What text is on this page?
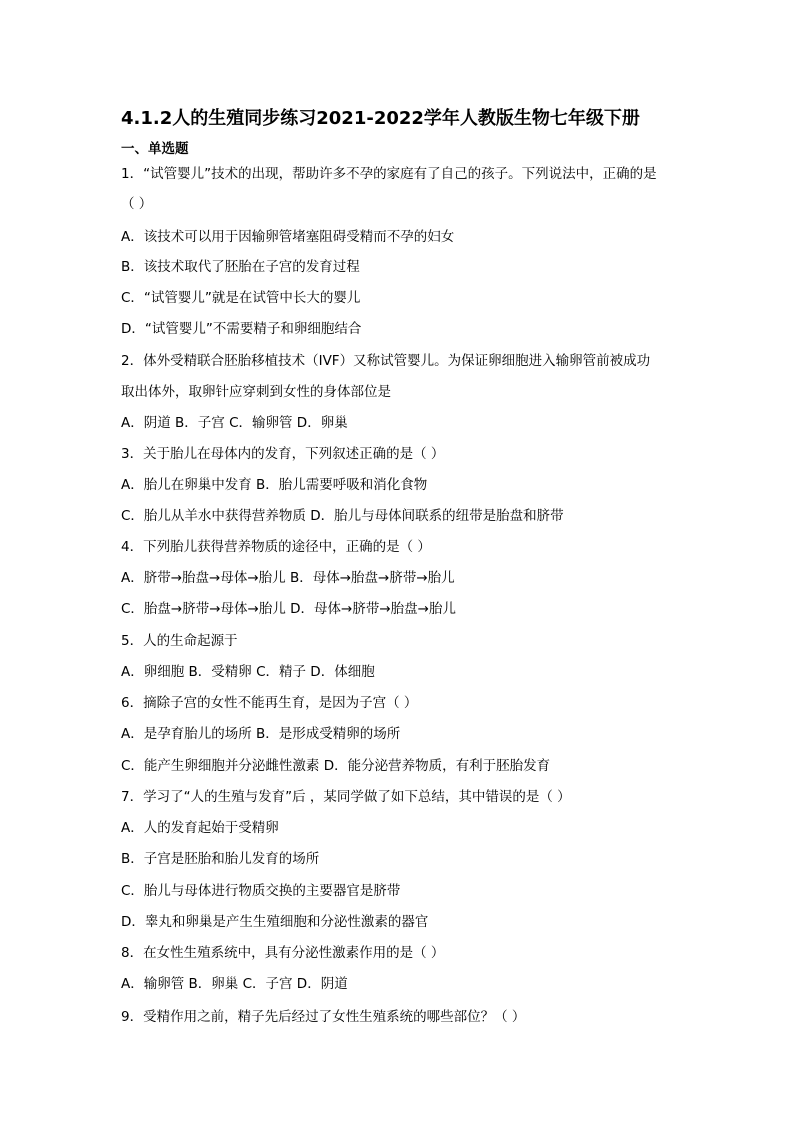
4.1.2人的生殖同步练习2021-2022学年人教版生物七年级下册
一、单选题
1．“试管婴儿”技术的出现，帮助许多不孕的家庭有了自己的孩子。下列说法中，正确的是
（ ）
A．该技术可以用于因输卵管堵塞阻碍受精而不孕的妇女
B．该技术取代了胚胎在子宫的发育过程
C．“试管婴儿”就是在试管中长大的婴儿
D．“试管婴儿”不需要精子和卵细胞结合
2．体外受精联合胚胎移植技术（IVF）又称试管婴儿。为保证卵细胞进入输卵管前被成功
取出体外，取卵针应穿刺到女性的身体部位是
A．阴道 B．子宫 C．输卵管 D．卵巢
3．关于胎儿在母体内的发育，下列叙述正确的是（ ）
A．胎儿在卵巢中发育 B．胎儿需要呼吸和消化食物
C．胎儿从羊水中获得营养物质 D．胎儿与母体间联系的纽带是胎盘和脐带
4．下列胎儿获得营养物质的途径中，正确的是（ ）
A．脐带→胎盘→母体→胎儿 B．母体→胎盘→脐带→胎儿
C．胎盘→脐带→母体→胎儿 D．母体→脐带→胎盘→胎儿
5．人的生命起源于
A．卵细胞 B．受精卵 C．精子 D．体细胞
6．摘除子宫的女性不能再生育，是因为子宫（ ）
A．是孕育胎儿的场所 B．是形成受精卵的场所
C．能产生卵细胞并分泌雌性激素 D．能分泌营养物质，有利于胚胎发育
7．学习了“人的生殖与发育”后 ，某同学做了如下总结，其中错误的是（ ）
A．人的发育起始于受精卵
B．子宫是胚胎和胎儿发育的场所
C．胎儿与母体进行物质交换的主要器官是脐带
D．睾丸和卵巢是产生生殖细胞和分泌性激素的器官
8．在女性生殖系统中，具有分泌性激素作用的是（ ）
A．输卵管 B．卵巢 C．子宫 D．阴道
9．受精作用之前，精子先后经过了女性生殖系统的哪些部位？（ ）
